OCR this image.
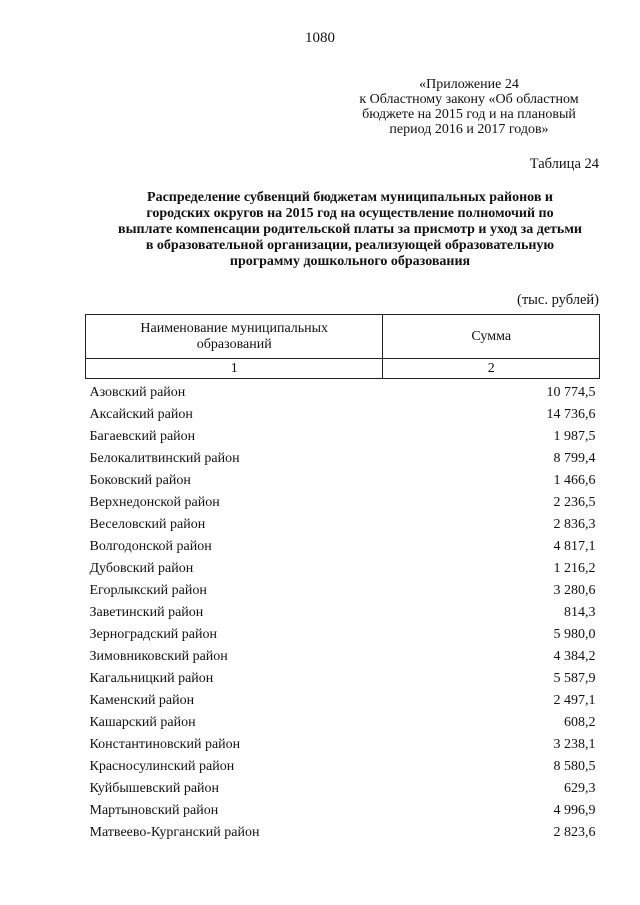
1080
«Приложение 24
к Областному закону «Об областном
бюджете на 2015 год и на плановый
период 2016 и 2017 годов»
Таблица 24
Распределение субвенций бюджетам муниципальных районов и
городских округов на 2015 год на осуществление полномочий по
выплате компенсации родительской платы за присмотр и уход за детьми
в образовательной организации, реализующей образовательную
программу дошкольного образования
(тыс. рублей)
Наименование муниципальных
образований	Сумма
1	2
Азовский район	10 774,5
Аксайский район	14 736,6
Багаевский район	1 987,5
Белокалитвинский район	8 799,4
Боковский район	1 466,6
Верхнедонской район	2 236,5
Веселовский район	2 836,3
Волгодонской район	4 817,1
Дубовский район	1 216,2
Егорлыкский район	3 280,6
Заветинский район	814,3
Зерноградский район	5 980,0
Зимовниковский район	4 384,2
Кагальницкий район	5 587,9
Каменский район	2 497,1
Кашарский район	608,2
Константиновский район	3 238,1
Красносулинский район	8 580,5
Куйбышевский район	629,3
Мартыновский район	4 996,9
Матвеево-Курганский район	2 823,6
